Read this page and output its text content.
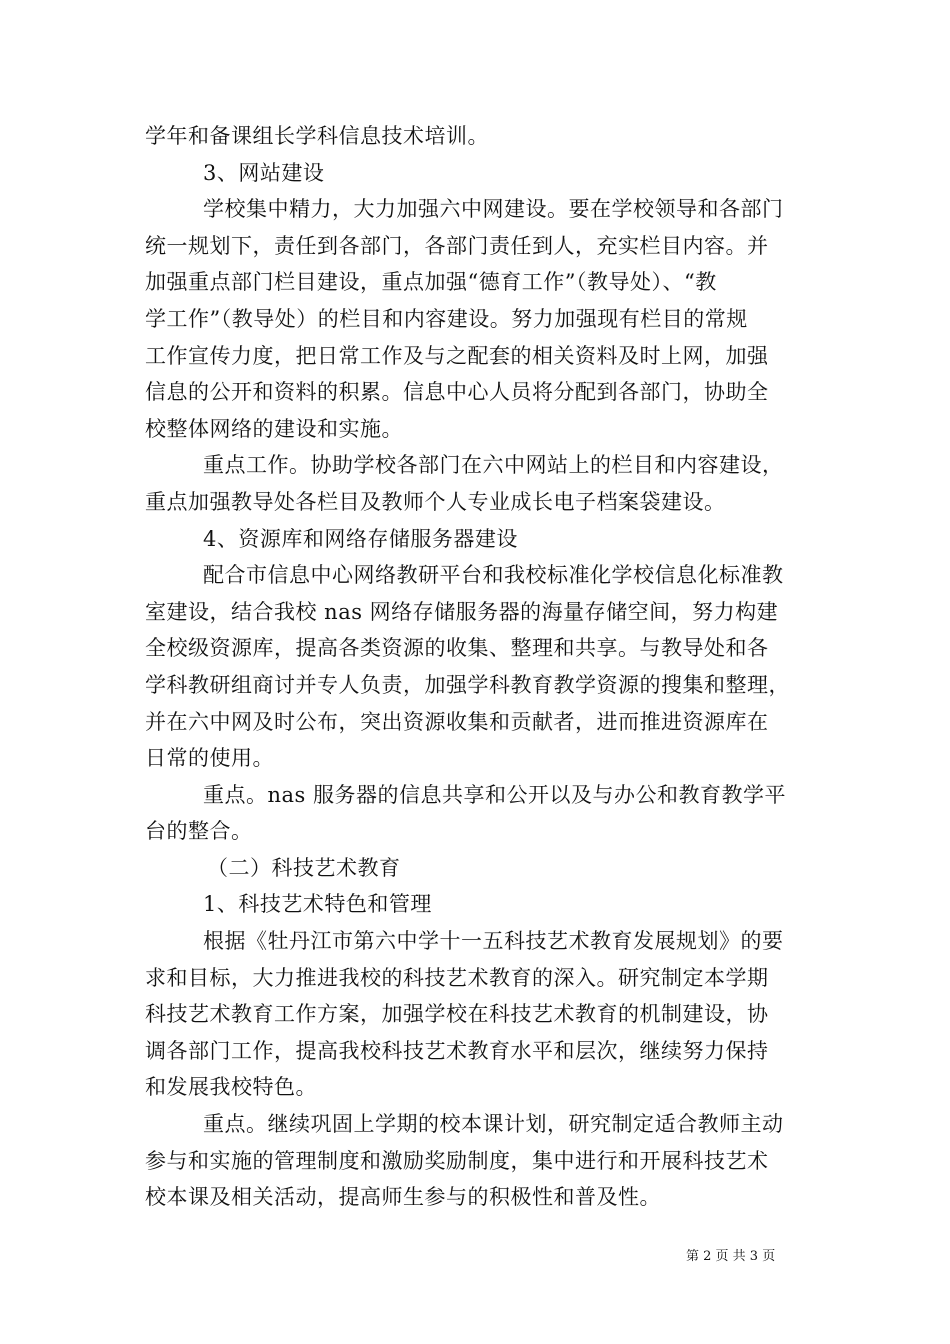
学年和备课组长学科信息技术培训。
3、网站建设
学校集中精力，大力加强六中网建设。要在学校领导和各部门
统一规划下，责任到各部门，各部门责任到人，充实栏目内容。并
加强重点部门栏目建设，重点加强“德育工作”（教导处）、“教
学工作”（教导处）的栏目和内容建设。努力加强现有栏目的常规
工作宣传力度，把日常工作及与之配套的相关资料及时上网，加强
信息的公开和资料的积累。信息中心人员将分配到各部门，协助全
校整体网络的建设和实施。
重点工作。协助学校各部门在六中网站上的栏目和内容建设，
重点加强教导处各栏目及教师个人专业成长电子档案袋建设。
4、资源库和网络存储服务器建设
配合市信息中心网络教研平台和我校标准化学校信息化标准教
室建设，结合我校 nas 网络存储服务器的海量存储空间，努力构建
全校级资源库，提高各类资源的收集、整理和共享。与教导处和各
学科教研组商讨并专人负责，加强学科教育教学资源的搜集和整理，
并在六中网及时公布，突出资源收集和贡献者，进而推进资源库在
日常的使用。
重点。nas 服务器的信息共享和公开以及与办公和教育教学平
台的整合。
（二）科技艺术教育
1、科技艺术特色和管理
根据《牡丹江市第六中学十一五科技艺术教育发展规划》的要
求和目标，大力推进我校的科技艺术教育的深入。研究制定本学期
科技艺术教育工作方案，加强学校在科技艺术教育的机制建设，协
调各部门工作，提高我校科技艺术教育水平和层次，继续努力保持
和发展我校特色。
重点。继续巩固上学期的校本课计划，研究制定适合教师主动
参与和实施的管理制度和激励奖励制度，集中进行和开展科技艺术
校本课及相关活动，提高师生参与的积极性和普及性。
第 2 页 共 3 页
